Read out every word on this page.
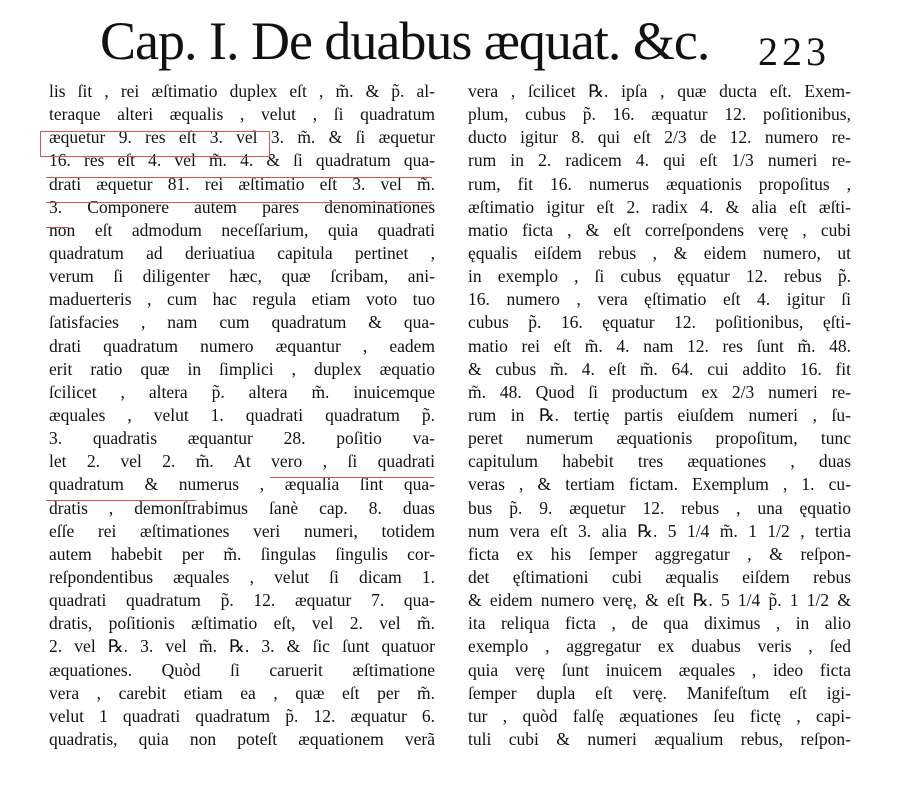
Cap. I. De duabus æquat. &c. 223
lis ſit , rei æſtimatio duplex eſt , m̃. & p̃. al-
teraque alteri æqualis , velut , ſi quadratum
æquetur 9. res eſt 3. vel 3. m̃. & ſi æquetur
16. res eſt 4. vel m̃. 4. & ſi quadratum qua-
drati æquetur 81. rei æſtimatio eſt 3. vel m̃.
3. Componere autem pares denominationes
non eſt admodum neceſſarium, quia quadrati
quadratum ad deriuatiua capitula pertinet ,
verum ſi diligenter hæc, quæ ſcribam, ani-
maduerteris , cum hac regula etiam voto tuo
ſatisfacies , nam cum quadratum & qua-
drati quadratum numero æquantur , eadem
erit ratio quæ in ſimplici , duplex æquatio
ſcilicet , altera p̃. altera m̃. inuicemque
æquales , velut 1. quadrati quadratum p̃.
3. quadratis æquantur 28. poſitio va-
let 2. vel 2. m̃. At vero , ſi quadrati
quadratum & numerus , æqualia ſint qua-
dratis , demonſtrabimus ſanè cap. 8. duas
eſſe rei æſtimationes veri numeri, totidem
autem habebit per m̃. ſingulas ſingulis cor-
reſpondentibus æquales , velut ſi dicam 1.
quadrati quadratum p̃. 12. æquatur 7. qua-
dratis, poſitionis æſtimatio eſt, vel 2. vel m̃.
2. vel ℞. 3. vel m̃. ℞. 3. & ſic ſunt quatuor
æquationes. Quòd ſi caruerit æſtimatione
vera , carebit etiam ea , quæ eſt per m̃.
velut 1 quadrati quadratum p̃. 12. æquatur 6.
quadratis, quia non poteſt æquationem verã
vera , ſcilicet ℞. ipſa , quæ ducta eſt. Exem-
plum, cubus p̃. 16. æquatur 12. poſitionibus,
ducto igitur 8. qui eſt 2/3 de 12. numero re-
rum in 2. radicem 4. qui eſt 1/3 numeri re-
rum, fit 16. numerus æquationis propoſitus ,
æſtimatio igitur eſt 2. radix 4. & alia eſt æſti-
matio ficta , & eſt correſpondens verę , cubi
ęqualis eiſdem rebus , & eidem numero, ut
in exemplo , ſi cubus ęquatur 12. rebus p̃.
16. numero , vera ęſtimatio eſt 4. igitur ſi
cubus p̃. 16. ęquatur 12. poſitionibus, ęſti-
matio rei eſt m̃. 4. nam 12. res ſunt m̃. 48.
& cubus m̃. 4. eſt m̃. 64. cui addito 16. fit
m̃. 48. Quod ſi productum ex 2/3 numeri re-
rum in ℞. tertię partis eiuſdem numeri , ſu-
peret numerum æquationis propoſitum, tunc
capitulum habebit tres æquationes , duas
veras , & tertiam fictam. Exemplum , 1. cu-
bus p̃. 9. æquetur 12. rebus , una ęquatio
num vera eſt 3. alia ℞. 5 1/4 m̃. 1 1/2 , tertia
ficta ex his ſemper aggregatur , & reſpon-
det ęſtimationi cubi æqualis eiſdem rebus
& eidem numero verę, & eſt ℞. 5 1/4 p̃. 1 1/2 &
ita reliqua ficta , de qua diximus , in alio
exemplo , aggregatur ex duabus veris , ſed
quia verę ſunt inuicem æquales , ideo ficta
ſemper dupla eſt verę. Manifeſtum eſt igi-
tur , quòd falſę æquationes ſeu fictę , capi-
tuli cubi & numeri æqualium rebus, reſpon-
